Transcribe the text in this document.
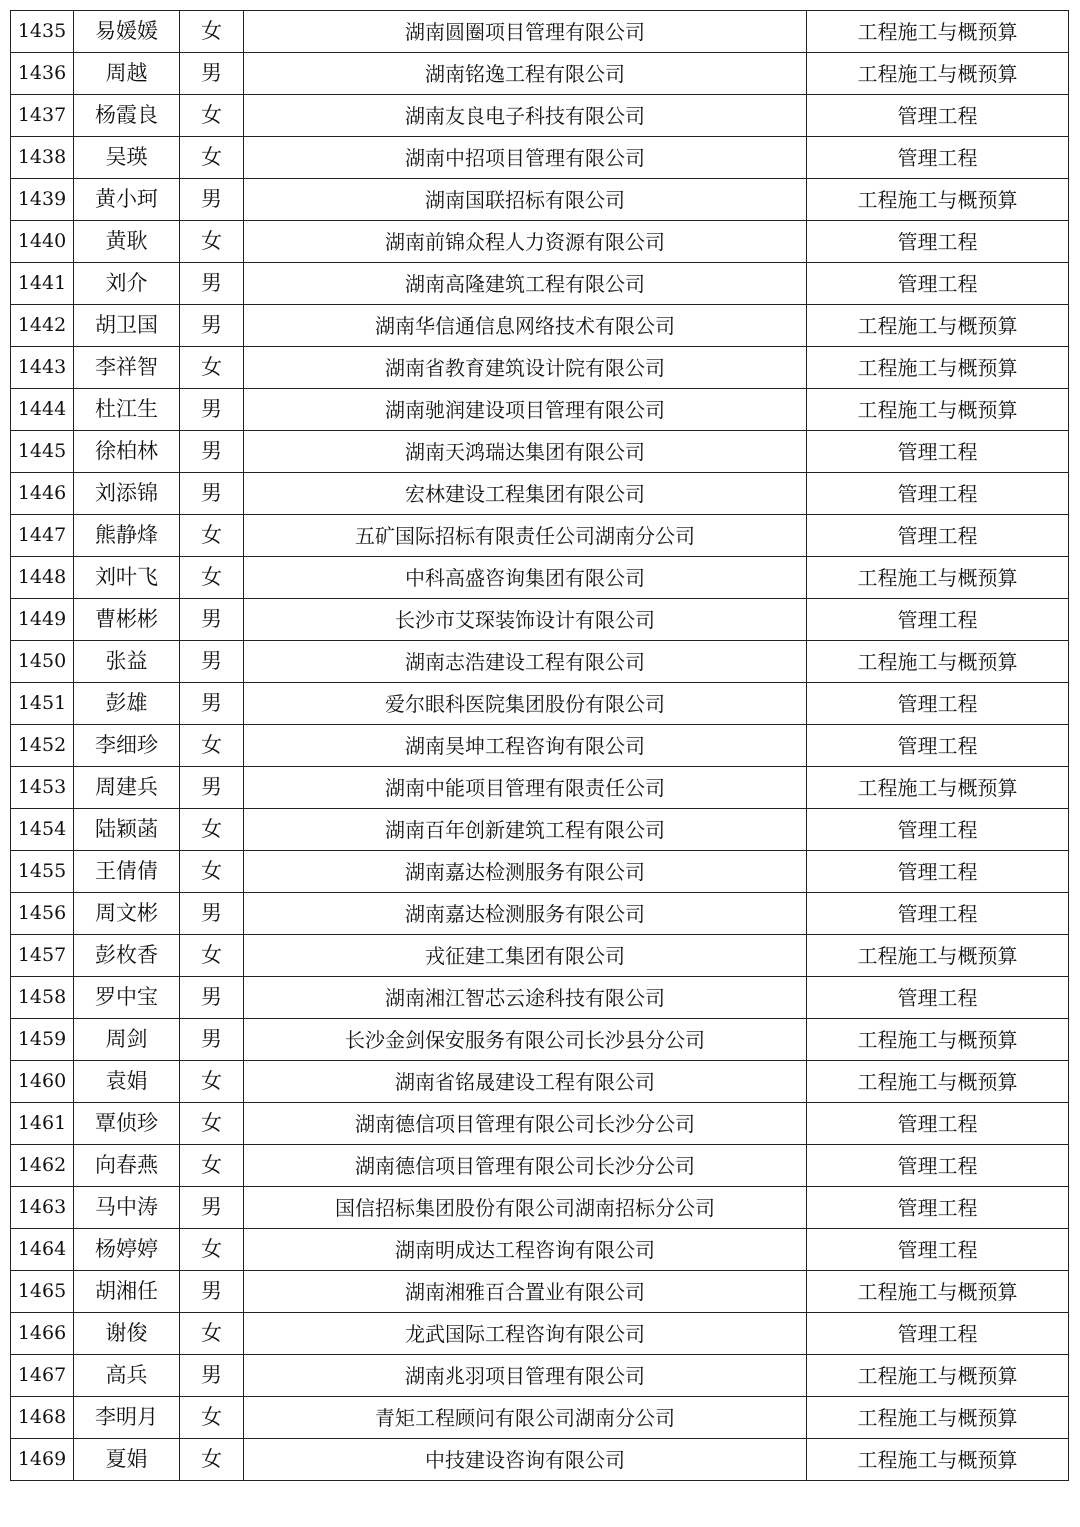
1435	易媛媛	女	湖南圆圈项目管理有限公司	工程施工与概预算
1436	周越	男	湖南铭逸工程有限公司	工程施工与概预算
1437	杨霞良	女	湖南友良电子科技有限公司	管理工程
1438	吴瑛	女	湖南中招项目管理有限公司	管理工程
1439	黄小珂	男	湖南国联招标有限公司	工程施工与概预算
1440	黄耿	女	湖南前锦众程人力资源有限公司	管理工程
1441	刘介	男	湖南高隆建筑工程有限公司	管理工程
1442	胡卫国	男	湖南华信通信息网络技术有限公司	工程施工与概预算
1443	李祥智	女	湖南省教育建筑设计院有限公司	工程施工与概预算
1444	杜江生	男	湖南驰润建设项目管理有限公司	工程施工与概预算
1445	徐柏林	男	湖南天鸿瑞达集团有限公司	管理工程
1446	刘添锦	男	宏林建设工程集团有限公司	管理工程
1447	熊静烽	女	五矿国际招标有限责任公司湖南分公司	管理工程
1448	刘叶飞	女	中科高盛咨询集团有限公司	工程施工与概预算
1449	曹彬彬	男	长沙市艾琛装饰设计有限公司	管理工程
1450	张益	男	湖南志浩建设工程有限公司	工程施工与概预算
1451	彭雄	男	爱尔眼科医院集团股份有限公司	管理工程
1452	李细珍	女	湖南昊坤工程咨询有限公司	管理工程
1453	周建兵	男	湖南中能项目管理有限责任公司	工程施工与概预算
1454	陆颖菡	女	湖南百年创新建筑工程有限公司	管理工程
1455	王倩倩	女	湖南嘉达检测服务有限公司	管理工程
1456	周文彬	男	湖南嘉达检测服务有限公司	管理工程
1457	彭枚香	女	戎征建工集团有限公司	工程施工与概预算
1458	罗中宝	男	湖南湘江智芯云途科技有限公司	管理工程
1459	周剑	男	长沙金剑保安服务有限公司长沙县分公司	工程施工与概预算
1460	袁娟	女	湖南省铭晟建设工程有限公司	工程施工与概预算
1461	覃侦珍	女	湖南德信项目管理有限公司长沙分公司	管理工程
1462	向春燕	女	湖南德信项目管理有限公司长沙分公司	管理工程
1463	马中涛	男	国信招标集团股份有限公司湖南招标分公司	管理工程
1464	杨婷婷	女	湖南明成达工程咨询有限公司	管理工程
1465	胡湘任	男	湖南湘雅百合置业有限公司	工程施工与概预算
1466	谢俊	女	龙武国际工程咨询有限公司	管理工程
1467	高兵	男	湖南兆羽项目管理有限公司	工程施工与概预算
1468	李明月	女	青矩工程顾问有限公司湖南分公司	工程施工与概预算
1469	夏娟	女	中技建设咨询有限公司	工程施工与概预算
